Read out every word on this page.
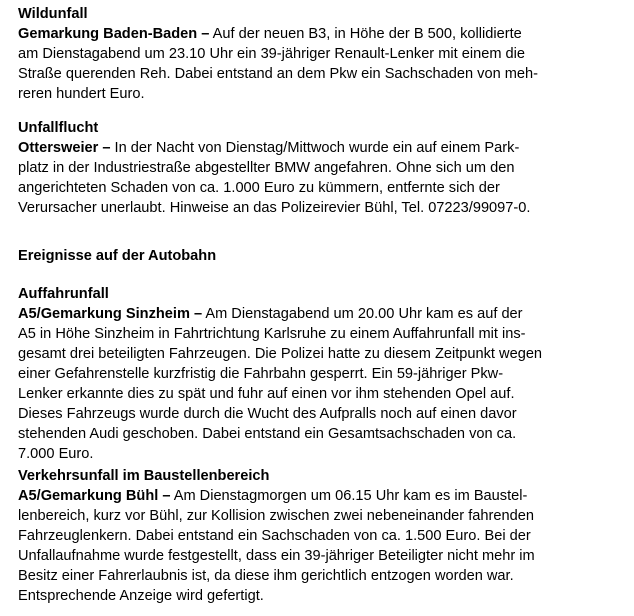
Wildunfall

Gemarkung Baden-Baden – Auf der neuen B3, in Höhe der B 500, kollidierte

am Dienstagabend um 23.10 Uhr ein 39-jähriger Renault-Lenker mit einem die

Straße querenden Reh. Dabei entstand an dem Pkw ein Sachschaden von meh-

reren hundert Euro.

Unfallflucht

Ottersweier – In der Nacht von Dienstag/Mittwoch wurde ein auf einem Park-

platz in der Industriestraße abgestellter BMW angefahren. Ohne sich um den

angerichteten Schaden von ca. 1.000 Euro zu kümmern, entfernte sich der

Verursacher unerlaubt. Hinweise an das Polizeirevier Bühl, Tel. 07223/99097-0.

Ereignisse auf der Autobahn

Auffahrunfall

A5/Gemarkung Sinzheim – Am Dienstagabend um 20.00 Uhr kam es auf der

A5 in Höhe Sinzheim in Fahrtrichtung Karlsruhe zu einem Auffahrunfall mit ins-

gesamt drei beteiligten Fahrzeugen. Die Polizei hatte zu diesem Zeitpunkt wegen

einer Gefahrenstelle kurzfristig die Fahrbahn gesperrt. Ein 59-jähriger Pkw-

Lenker erkannte dies zu spät und fuhr auf einen vor ihm stehenden Opel auf.

Dieses Fahrzeugs wurde durch die Wucht des Aufpralls noch auf einen davor

stehenden Audi geschoben. Dabei entstand ein Gesamtsachschaden von ca.

7.000 Euro.

Verkehrsunfall im Baustellenbereich

A5/Gemarkung Bühl – Am Dienstagmorgen um 06.15 Uhr kam es im Baustel-

lenbereich, kurz vor Bühl, zur Kollision zwischen zwei nebeneinander fahrenden

Fahrzeuglenkern. Dabei entstand ein Sachschaden von ca. 1.500 Euro. Bei der

Unfallaufnahme wurde festgestellt, dass ein 39-jähriger Beteiligter nicht mehr im

Besitz einer Fahrerlaubnis ist, da diese ihm gerichtlich entzogen worden war.

Entsprechende Anzeige wird gefertigt.
